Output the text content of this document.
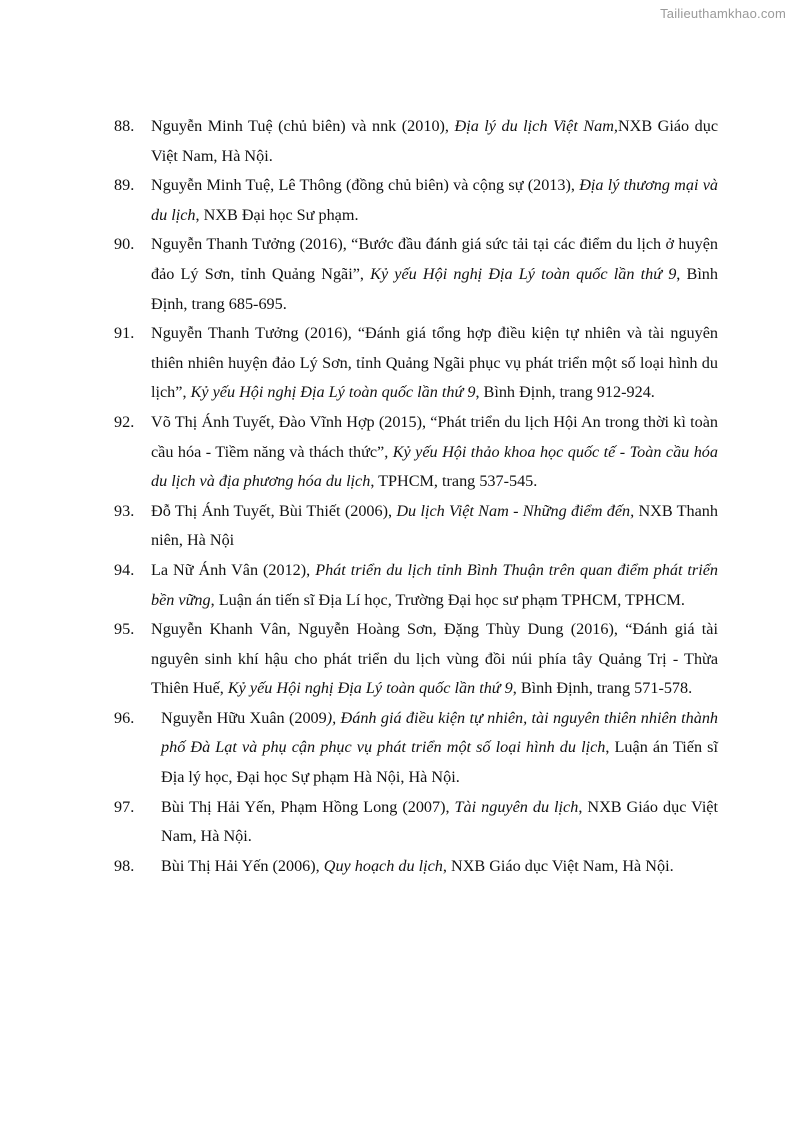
Tailieuthamkhao.com
88. Nguyễn Minh Tuệ (chủ biên) và nnk (2010), Địa lý du lịch Việt Nam,NXB Giáo dục Việt Nam, Hà Nội.
89. Nguyễn Minh Tuệ, Lê Thông (đồng chủ biên) và cộng sự (2013), Địa lý thương mại và du lịch, NXB Đại học Sư phạm.
90. Nguyễn Thanh Tưởng (2016), “Bước đầu đánh giá sức tải tại các điểm du lịch ở huyện đảo Lý Sơn, tỉnh Quảng Ngãi”, Kỷ yếu Hội nghị Địa Lý toàn quốc lần thứ 9, Bình Định, trang 685-695.
91. Nguyễn Thanh Tưởng (2016), “Đánh giá tổng hợp điều kiện tự nhiên và tài nguyên thiên nhiên huyện đảo Lý Sơn, tỉnh Quảng Ngãi phục vụ phát triển một số loại hình du lịch”, Kỷ yếu Hội nghị Địa Lý toàn quốc lần thứ 9, Bình Định, trang 912-924.
92. Võ Thị Ánh Tuyết, Đào Vĩnh Hợp (2015), “Phát triển du lịch Hội An trong thời kì toàn cầu hóa - Tiềm năng và thách thức”, Kỷ yếu Hội thảo khoa học quốc tế - Toàn cầu hóa du lịch và địa phương hóa du lịch, TPHCM, trang 537-545.
93. Đỗ Thị Ánh Tuyết, Bùi Thiết (2006), Du lịch Việt Nam - Những điểm đến, NXB Thanh niên, Hà Nội
94. La Nữ Ánh Vân (2012), Phát triển du lịch tỉnh Bình Thuận trên quan điểm phát triển bền vững, Luận án tiến sĩ Địa Lí học, Trường Đại học sư phạm TPHCM, TPHCM.
95. Nguyễn Khanh Vân, Nguyễn Hoàng Sơn, Đặng Thùy Dung (2016), “Đánh giá tài nguyên sinh khí hậu cho phát triển du lịch vùng đồi núi phía tây Quảng Trị - Thừa Thiên Huế, Kỷ yếu Hội nghị Địa Lý toàn quốc lần thứ 9, Bình Định, trang 571-578.
96. Nguyễn Hữu Xuân (2009), Đánh giá điều kiện tự nhiên, tài nguyên thiên nhiên thành phố Đà Lạt và phụ cận phục vụ phát triển một số loại hình du lịch, Luận án Tiến sĩ Địa lý học, Đại học Sự phạm Hà Nội, Hà Nội.
97. Bùi Thị Hải Yến, Phạm Hồng Long (2007), Tài nguyên du lịch, NXB Giáo dục Việt Nam, Hà Nội.
98. Bùi Thị Hải Yến (2006), Quy hoạch du lịch, NXB Giáo dục Việt Nam, Hà Nội.
